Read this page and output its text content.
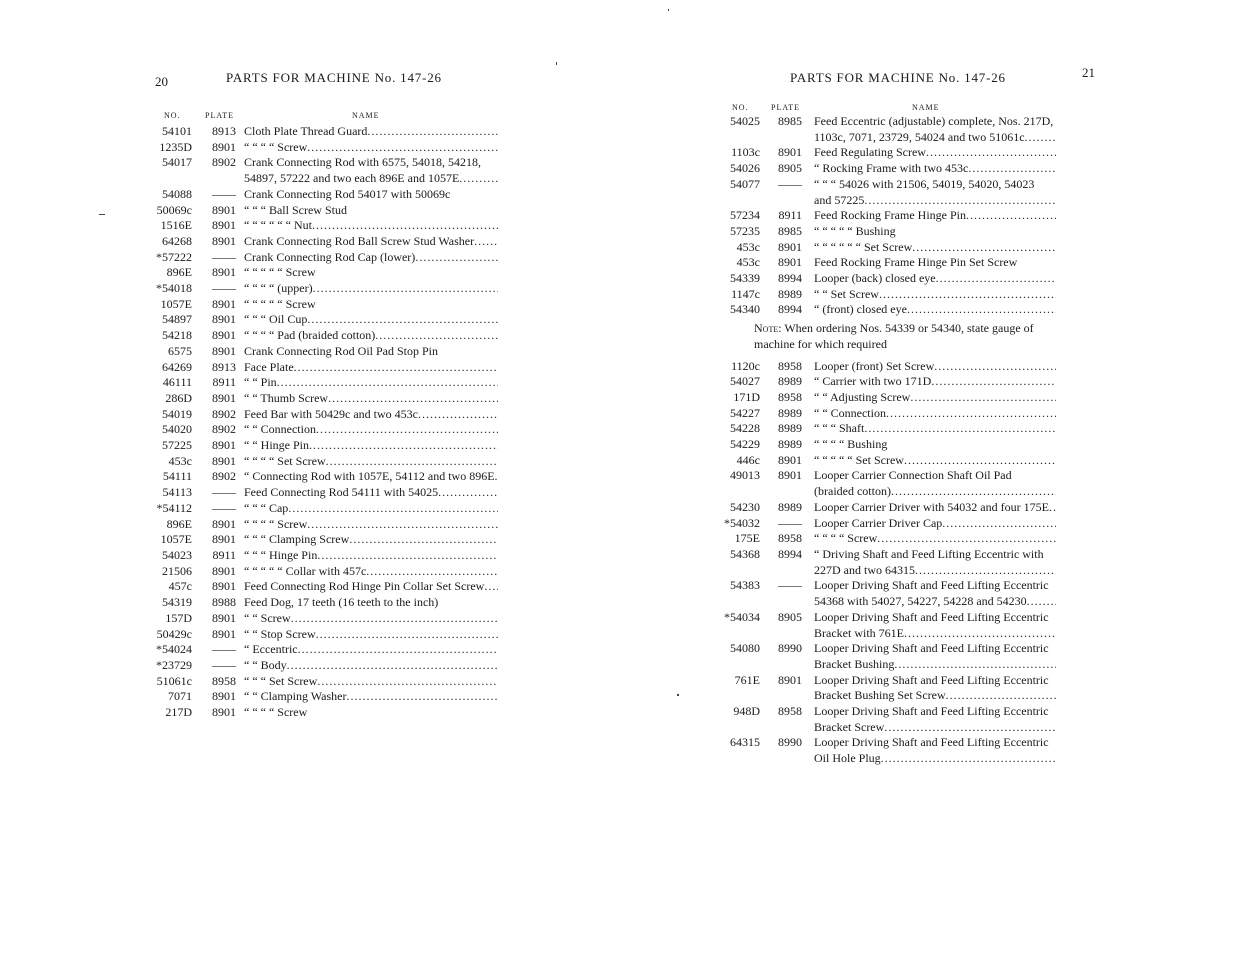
20	PARTS FOR MACHINE No. 147-26
NO.	PLATE	NAME
54101	8913 Cloth Plate Thread Guard .....
1235D	8901 “ “ “ “ Screw .....
54017	8902 Crank Connecting Rod with 6575, 54018, 54218, 54897, 57222 and two each 896E and 1057E .....
54088	—— Crank Connecting Rod 54017 with 50069c
50069c	8901 “ “ “ Ball Screw Stud
1516E	8901 “ “ “ “ “ “ Nut .....
64268	8901 Crank Connecting Rod Ball Screw Stud Washer .....
*57222	—— Crank Connecting Rod Cap (lower) .....
896E	8901 “ “ “ “ “ Screw
*54018	—— “ “ “ “ (upper) .....
1057E	8901 “ “ “ “ “ Screw
54897	8901 “ “ “ Oil Cup .....
54218	8901 “ “ “ “ Pad (braided cotton) .....
6575	8901 Crank Connecting Rod Oil Pad Stop Pin
64269	8913 Face Plate .....
46111	8911 “ “ Pin .....
286D	8901 “ “ Thumb Screw .....
54019	8902 Feed Bar with 50429c and two 453c .....
54020	8902 “ “ Connection .....
57225	8901 “ “ Hinge Pin .....
453c	8901 “ “ “ “ Set Screw .....
54111	8902 “ Connecting Rod with 1057E, 54112 and two 896E .....
54113	—— Feed Connecting Rod 54111 with 54025 .....
*54112	—— “ “ “ Cap .....
896E	8901 “ “ “ “ Screw .....
1057E	8901 “ “ “ Clamping Screw .....
54023	8911 “ “ “ Hinge Pin .....
21506	8901 “ “ “ “ “ Collar with 457c .....
457c	8901 Feed Connecting Rod Hinge Pin Collar Set Screw .....
54319	8988 Feed Dog, 17 teeth (16 teeth to the inch)
157D	8901 “ “ Screw .....
50429c	8901 “ “ Stop Screw .....
*54024	—— “ Eccentric .....
*23729	—— “ “ Body .....
51061c	8958 “ “ “ Set Screw .....
7071	8901 “ “ Clamping Washer .....
217D	8901 “ “ “ “ Screw
PARTS FOR MACHINE No. 147-26	21
NO.	PLATE	NAME
54025	8985 Feed Eccentric (adjustable) complete, Nos. 217D, 1103c, 7071, 23729, 54024 and two 51061c .....
1103c	8901 Feed Regulating Screw .....
54026	8905 “ Rocking Frame with two 453c .....
54077	—— “ “ “ 54026 with 21506, 54019, 54020, 54023 and 57225 .....
57234	8911 Feed Rocking Frame Hinge Pin .....
57235	8985 “ “ “ “ “ Bushing
453c	8901 “ “ “ “ “ “ Set Screw .....
453c	8901 Feed Rocking Frame Hinge Pin Set Screw
54339	8994 Looper (back) closed eye .....
1147c	8989 “ “ Set Screw .....
54340	8994 “ (front) closed eye .....
Note: When ordering Nos. 54339 or 54340, state gauge of machine for which required
1120c	8958 Looper (front) Set Screw .....
54027	8989 “ Carrier with two 171D .....
171D	8958 “ “ Adjusting Screw .....
54227	8989 “ “ Connection .....
54228	8989 “ “ “ Shaft .....
54229	8989 “ “ “ “ Bushing
446c	8901 “ “ “ “ “ Set Screw .....
49013	8901 Looper Carrier Connection Shaft Oil Pad (braided cotton) .....
54230	8989 Looper Carrier Driver with 54032 and four 175E .....
*54032	—— Looper Carrier Driver Cap .....
175E	8958 “ “ “ “ Screw .....
54368	8994 “ Driving Shaft and Feed Lifting Eccentric with 227D and two 64315 .....
54383	—— Looper Driving Shaft and Feed Lifting Eccentric 54368 with 54027, 54227, 54228 and 54230 .....
*54034	8905 Looper Driving Shaft and Feed Lifting Eccentric Bracket with 761E .....
54080	8990 Looper Driving Shaft and Feed Lifting Eccentric Bracket Bushing .....
761E	8901 Looper Driving Shaft and Feed Lifting Eccentric Bracket Bushing Set Screw .....
948D	8958 Looper Driving Shaft and Feed Lifting Eccentric Bracket Screw .....
64315	8990 Looper Driving Shaft and Feed Lifting Eccentric Oil Hole Plug .....
